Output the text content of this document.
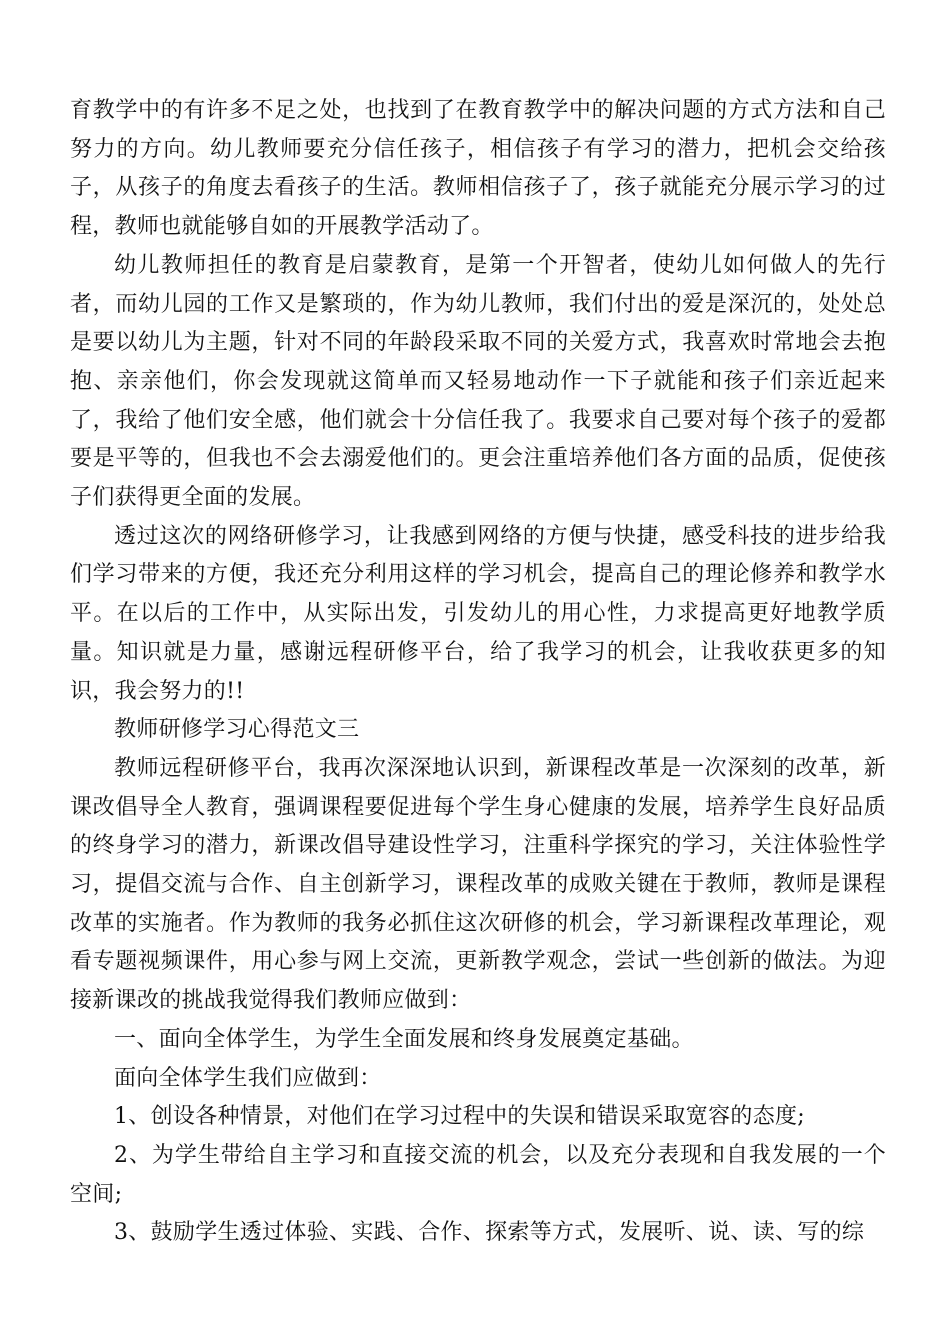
育教学中的有许多不足之处，也找到了在教育教学中的解决问题的方式方法和自己努力的方向。幼儿教师要充分信任孩子，相信孩子有学习的潜力，把机会交给孩子，从孩子的角度去看孩子的生活。教师相信孩子了，孩子就能充分展示学习的过程，教师也就能够自如的开展教学活动了。

幼儿教师担任的教育是启蒙教育，是第一个开智者，使幼儿如何做人的先行者，而幼儿园的工作又是繁琐的，作为幼儿教师，我们付出的爱是深沉的，处处总是要以幼儿为主题，针对不同的年龄段采取不同的关爱方式，我喜欢时常地会去抱抱、亲亲他们，你会发现就这简单而又轻易地动作一下子就能和孩子们亲近起来了，我给了他们安全感，他们就会十分信任我了。我要求自己要对每个孩子的爱都要是平等的，但我也不会去溺爱他们的。更会注重培养他们各方面的品质，促使孩子们获得更全面的发展。

透过这次的网络研修学习，让我感到网络的方便与快捷，感受科技的进步给我们学习带来的方便，我还充分利用这样的学习机会，提高自己的理论修养和教学水平。在以后的工作中，从实际出发，引发幼儿的用心性，力求提高更好地教学质量。知识就是力量，感谢远程研修平台，给了我学习的机会，让我收获更多的知识，我会努力的!!

教师研修学习心得范文三

教师远程研修平台，我再次深深地认识到，新课程改革是一次深刻的改革，新课改倡导全人教育，强调课程要促进每个学生身心健康的发展，培养学生良好品质的终身学习的潜力，新课改倡导建设性学习，注重科学探究的学习，关注体验性学习，提倡交流与合作、自主创新学习，课程改革的成败关键在于教师，教师是课程改革的实施者。作为教师的我务必抓住这次研修的机会，学习新课程改革理论，观看专题视频课件，用心参与网上交流，更新教学观念，尝试一些创新的做法。为迎接新课改的挑战我觉得我们教师应做到：

一、面向全体学生，为学生全面发展和终身发展奠定基础。

面向全体学生我们应做到：

1、创设各种情景，对他们在学习过程中的失误和错误采取宽容的态度;

2、为学生带给自主学习和直接交流的机会，以及充分表现和自我发展的一个空间;

3、鼓励学生透过体验、实践、合作、探索等方式，发展听、说、读、写的综
